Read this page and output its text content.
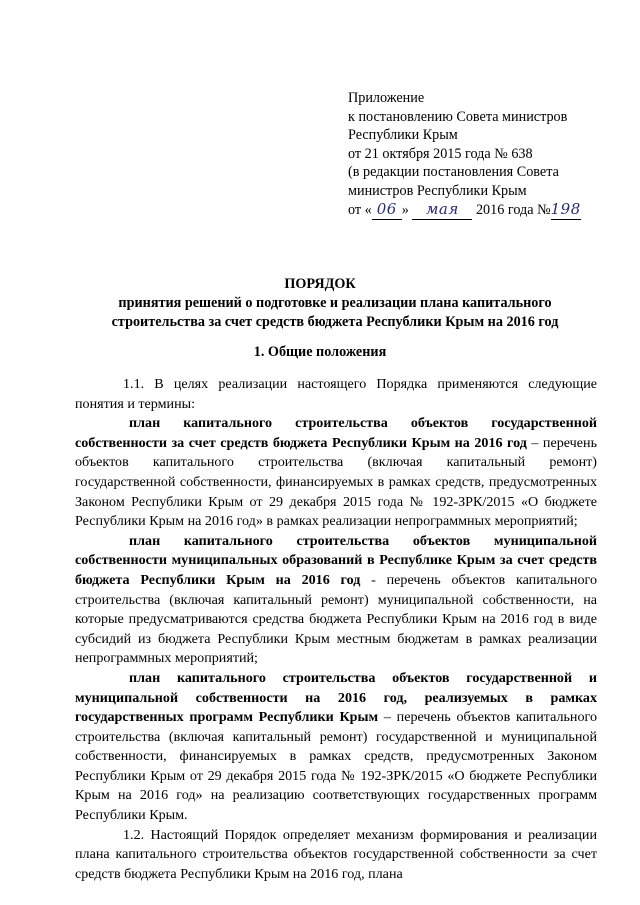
Приложение
к постановлению Совета министров
Республики Крым
от 21 октября 2015 года № 638
(в редакции постановления Совета
министров Республики Крым
от « 06 » мая 2016 года №198
ПОРЯДОК
принятия решений о подготовке и реализации плана капитального строительства за счет средств бюджета Республики Крым на 2016 год
1. Общие положения

1.1. В целях реализации настоящего Порядка применяются следующие понятия и термины:

план капитального строительства объектов государственной собственности за счет средств бюджета Республики Крым на 2016 год – перечень объектов капитального строительства (включая капитальный ремонт) государственной собственности, финансируемых в рамках средств, предусмотренных Законом Республики Крым от 29 декабря 2015 года № 192-ЗРК/2015 «О бюджете Республики Крым на 2016 год» в рамках реализации непрограммных мероприятий;

план капитального строительства объектов муниципальной собственности муниципальных образований в Республике Крым за счет средств бюджета Республики Крым на 2016 год - перечень объектов капитального строительства (включая капитальный ремонт) муниципальной собственности, на которые предусматриваются средства бюджета Республики Крым на 2016 год в виде субсидий из бюджета Республики Крым местным бюджетам в рамках реализации непрограммных мероприятий;

план капитального строительства объектов государственной и муниципальной собственности на 2016 год, реализуемых в рамках государственных программ Республики Крым – перечень объектов капитального строительства (включая капитальный ремонт) государственной и муниципальной собственности, финансируемых в рамках средств, предусмотренных Законом Республики Крым от 29 декабря 2015 года № 192-ЗРК/2015 «О бюджете Республики Крым на 2016 год» на реализацию соответствующих государственных программ Республики Крым.

1.2. Настоящий Порядок определяет механизм формирования и реализации плана капитального строительства объектов государственной собственности за счет средств бюджета Республики Крым на 2016 год, плана
